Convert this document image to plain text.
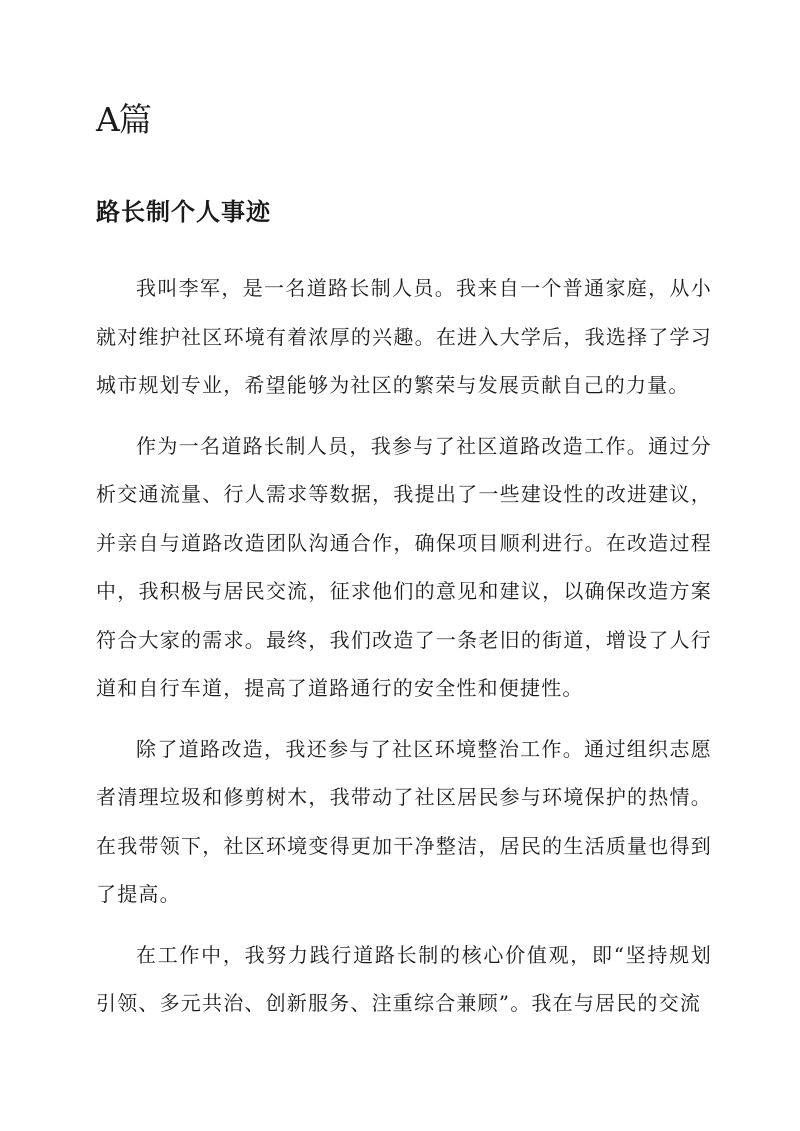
A篇
路长制个人事迹

我叫李军，是一名道路长制人员。我来自一个普通家庭，从小就对维护社区环境有着浓厚的兴趣。在进入大学后，我选择了学习城市规划专业，希望能够为社区的繁荣与发展贡献自己的力量。

作为一名道路长制人员，我参与了社区道路改造工作。通过分析交通流量、行人需求等数据，我提出了一些建设性的改进建议，并亲自与道路改造团队沟通合作，确保项目顺利进行。在改造过程中，我积极与居民交流，征求他们的意见和建议，以确保改造方案符合大家的需求。最终，我们改造了一条老旧的街道，增设了人行道和自行车道，提高了道路通行的安全性和便捷性。

除了道路改造，我还参与了社区环境整治工作。通过组织志愿者清理垃圾和修剪树木，我带动了社区居民参与环境保护的热情。在我带领下，社区环境变得更加干净整洁，居民的生活质量也得到了提高。

在工作中，我努力践行道路长制的核心价值观，即“坚持规划引领、多元共治、创新服务、注重综合兼顾”。我在与居民的交流
